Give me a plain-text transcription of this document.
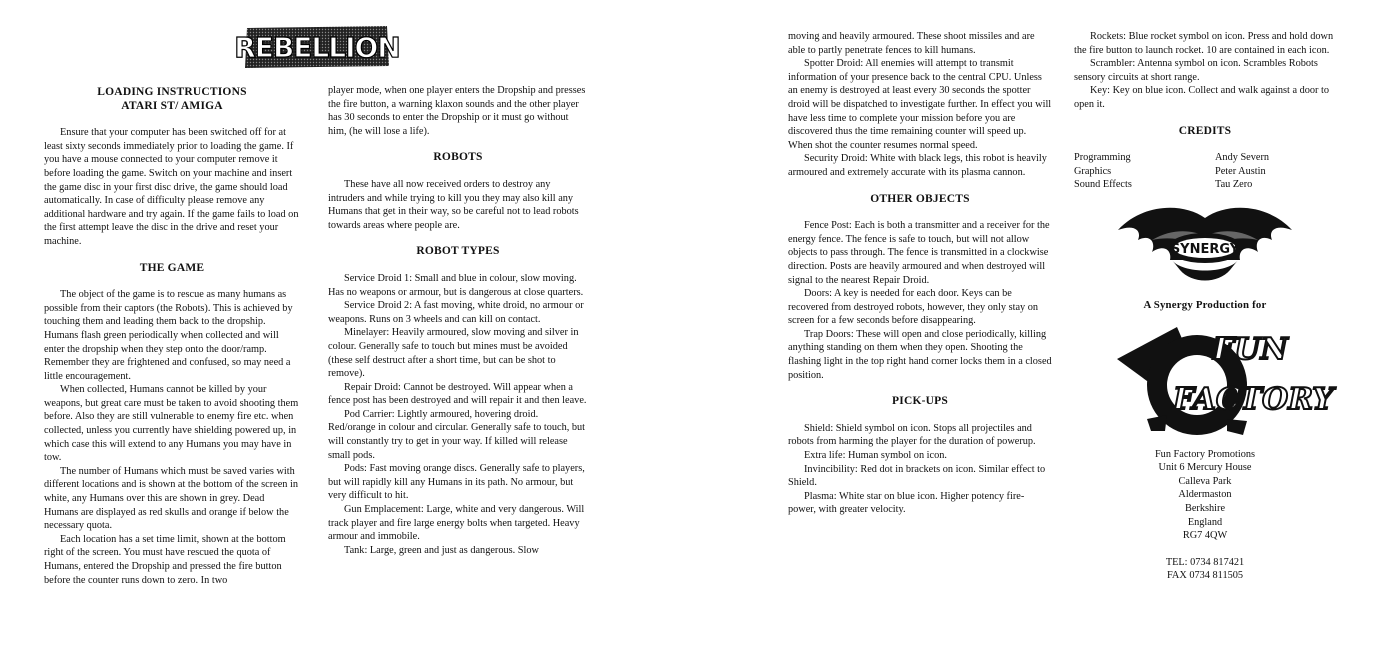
REBELLION
LOADING INSTRUCTIONS
ATARI ST/ AMIGA

Ensure that your computer has been switched off for at least sixty seconds immediately prior to loading the game. If you have a mouse connected to your computer remove it before loading the game. Switch on your machine and insert the game disc in your first disc drive, the game should load automatically. In case of difficulty please remove any additional hardware and try again. If the game fails to load on the first attempt leave the disc in the drive and reset your machine.

THE GAME

The object of the game is to rescue as many humans as possible from their captors (the Robots). This is achieved by touching them and leading them back to the dropship. Humans flash green periodically when collected and will enter the dropship when they step onto the door/ramp. Remember they are frightened and confused, so may need a little encouragement.

When collected, Humans cannot be killed by your weapons, but great care must be taken to avoid shooting them before. Also they are still vulnerable to enemy fire etc. when collected, unless you currently have shielding powered up, in which case this will extend to any Humans you may have in tow.

The number of Humans which must be saved varies with different locations and is shown at the bottom of the screen in white, any Humans over this are shown in grey. Dead Humans are displayed as red skulls and orange if below the necessary quota.

Each location has a set time limit, shown at the bottom right of the screen. You must have rescued the quota of Humans, entered the Dropship and pressed the fire button before the counter runs down to zero. In two

player mode, when one player enters the Dropship and presses the fire button, a warning klaxon sounds and the other player has 30 seconds to enter the Dropship or it must go without him, (he will lose a life).

ROBOTS

These have all now received orders to destroy any intruders and while trying to kill you they may also kill any Humans that get in their way, so be careful not to lead robots towards areas where people are.

ROBOT TYPES

Service Droid 1: Small and blue in colour, slow moving. Has no weapons or armour, but is dangerous at close quarters.

Service Droid 2: A fast moving, white droid, no armour or weapons. Runs on 3 wheels and can kill on contact.

Minelayer: Heavily armoured, slow moving and silver in colour. Generally safe to touch but mines must be avoided (these self destruct after a short time, but can be shot to remove).

Repair Droid: Cannot be destroyed. Will appear when a fence post has been destroyed and will repair it and then leave.

Pod Carrier: Lightly armoured, hovering droid. Red/orange in colour and circular. Generally safe to touch, but will constantly try to get in your way. If killed will release small pods.

Pods: Fast moving orange discs. Generally safe to players, but will rapidly kill any Humans in its path. No armour, but very difficult to hit.

Gun Emplacement: Large, white and very dangerous. Will track player and fire large energy bolts when targeted. Heavy armour and immobile.

Tank: Large, green and just as dangerous. Slow

moving and heavily armoured. These shoot missiles and are able to partly penetrate fences to kill humans.

Spotter Droid: All enemies will attempt to transmit information of your presence back to the central CPU. Unless an enemy is destroyed at least every 30 seconds the spotter droid will be dispatched to investigate further. In effect you will have less time to complete your mission before you are discovered thus the time remaining counter will speed up. When shot the counter resumes normal speed.

Security Droid: White with black legs, this robot is heavily armoured and extremely accurate with its plasma cannon.

OTHER OBJECTS

Fence Post: Each is both a transmitter and a receiver for the energy fence. The fence is safe to touch, but will not allow objects to pass through. The fence is transmitted in a clockwise direction. Posts are heavily armoured and when destroyed will signal to the nearest Repair Droid.

Doors: A key is needed for each door. Keys can be recovered from destroyed robots, however, they only stay on screen for a few seconds before disappearing.

Trap Doors: These will open and close periodically, killing anything standing on them when they open. Shooting the flashing light in the top right hand corner locks them in a closed position.

PICK-UPS

Shield: Shield symbol on icon. Stops all projectiles and robots from harming the player for the duration of powerup.

Extra life: Human symbol on icon.

Invincibility: Red dot in brackets on icon. Similar effect to Shield.

Plasma: White star on blue icon. Higher potency fire-power, with greater velocity.

Rockets: Blue rocket symbol on icon. Press and hold down the fire button to launch rocket. 10 are contained in each icon.

Scrambler: Antenna symbol on icon. Scrambles Robots sensory circuits at short range.

Key: Key on blue icon. Collect and walk against a door to open it.

CREDITS
Programming	Andy Severn
Graphics	Peter Austin
Sound Effects	Tau Zero
SYNERGY
A Synergy Production for
FUN
FACTORY
Fun Factory Promotions
Unit 6 Mercury House
Calleva Park
Aldermaston
Berkshire
England
RG7 4QW
TEL: 0734 817421
FAX 0734 811505
